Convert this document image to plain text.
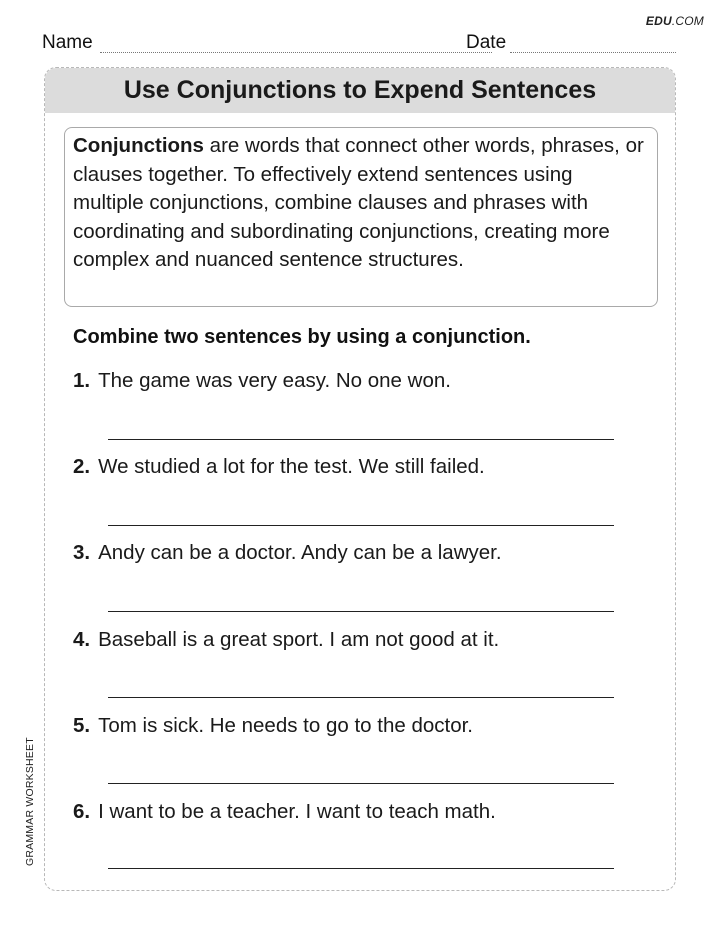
EDU.COM
Name	Date
Use Conjunctions to Expend Sentences
Conjunctions are words that connect other words, phrases, or clauses together. To effectively extend sentences using multiple conjunctions, combine clauses and phrases with coordinating and subordinating conjunctions, creating more complex and nuanced sentence structures.
Combine two sentences by using a conjunction.
1. The game was very easy. No one won.
2. We studied a lot for the test. We still failed.
3. Andy can be a doctor. Andy can be a lawyer.
4. Baseball is a great sport. I am not good at it.
5. Tom is sick. He needs to go to the doctor.
6. I want to be a teacher. I want to teach math.
GRAMMAR WORKSHEET
